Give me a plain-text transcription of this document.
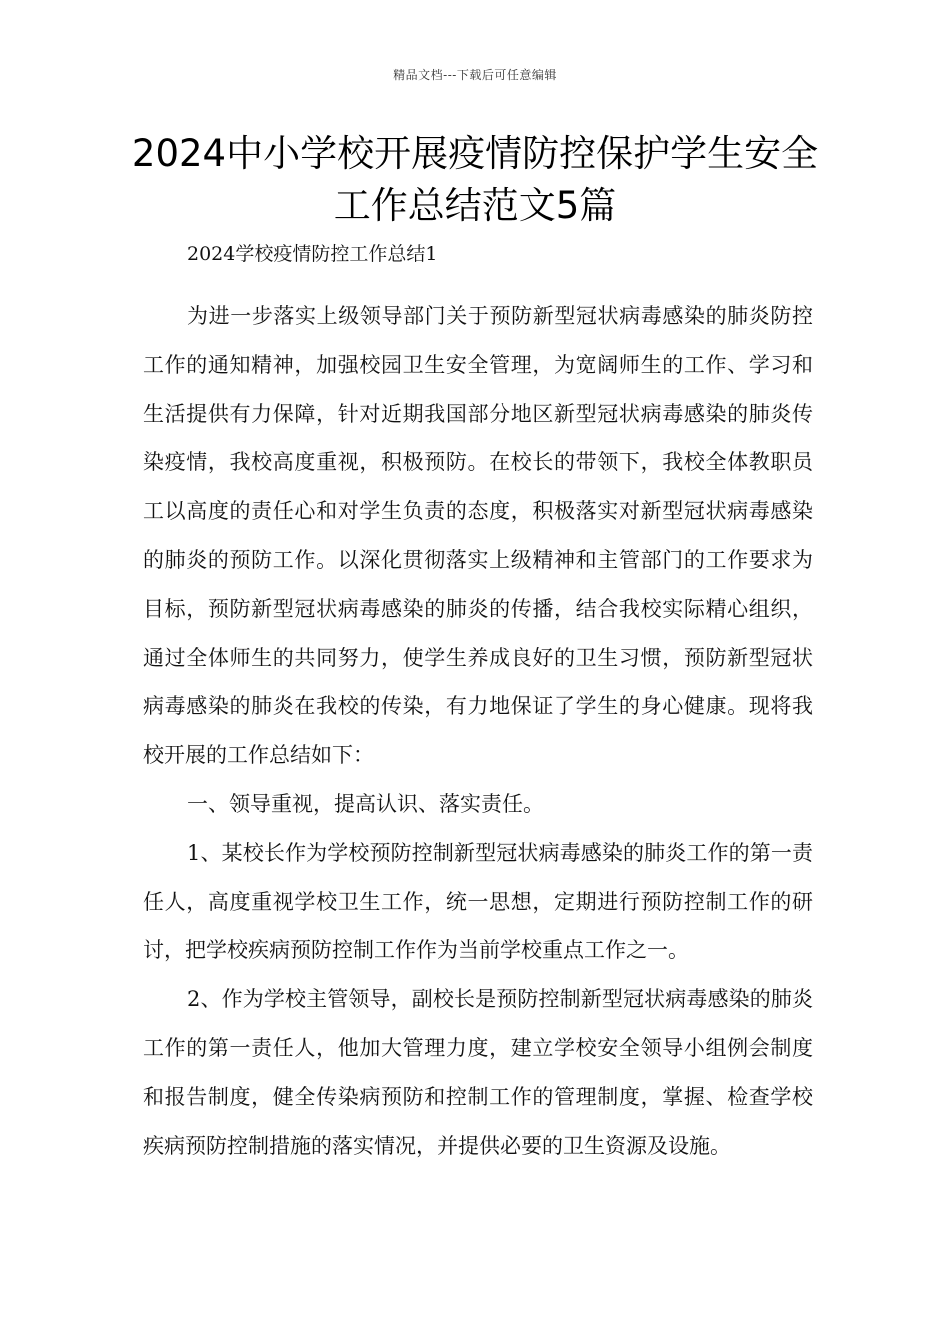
精品文档---下载后可任意编辑
2024中小学校开展疫情防控保护学生安全工作总结范文5篇

2024学校疫情防控工作总结1

为进一步落实上级领导部门关于预防新型冠状病毒感染的肺炎防控工作的通知精神，加强校园卫生安全管理，为宽阔师生的工作、学习和生活提供有力保障，针对近期我国部分地区新型冠状病毒感染的肺炎传染疫情，我校高度重视，积极预防。在校长的带领下，我校全体教职员工以高度的责任心和对学生负责的态度，积极落实对新型冠状病毒感染的肺炎的预防工作。以深化贯彻落实上级精神和主管部门的工作要求为目标，预防新型冠状病毒感染的肺炎的传播，结合我校实际精心组织，通过全体师生的共同努力，使学生养成良好的卫生习惯，预防新型冠状病毒感染的肺炎在我校的传染，有力地保证了学生的身心健康。现将我校开展的工作总结如下：

一、领导重视，提高认识、落实责任。

1、某校长作为学校预防控制新型冠状病毒感染的肺炎工作的第一责任人，高度重视学校卫生工作，统一思想，定期进行预防控制工作的研讨，把学校疾病预防控制工作作为当前学校重点工作之一。

2、作为学校主管领导，副校长是预防控制新型冠状病毒感染的肺炎工作的第一责任人，他加大管理力度，建立学校安全领导小组例会制度和报告制度，健全传染病预防和控制工作的管理制度，掌握、检查学校疾病预防控制措施的落实情况，并提供必要的卫生资源及设施。
